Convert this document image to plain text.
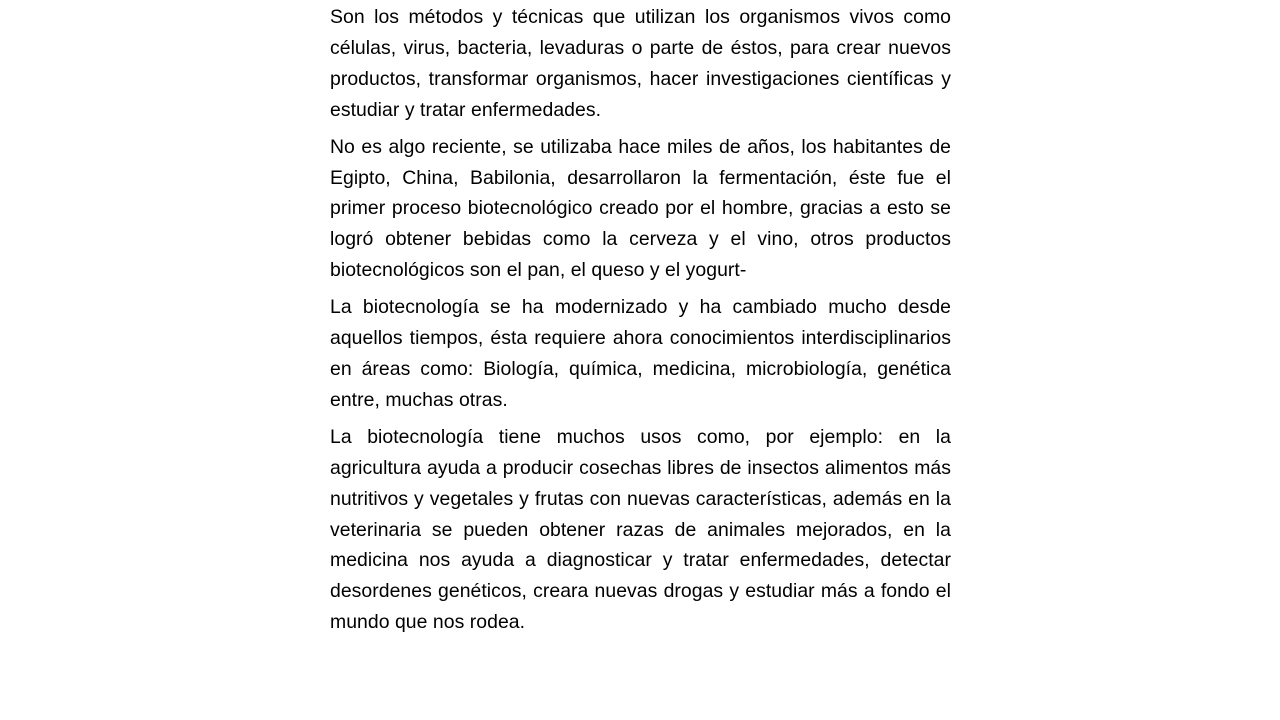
Son los métodos y técnicas que utilizan los organismos vivos como células, virus, bacteria, levaduras o parte de éstos, para crear nuevos productos, transformar organismos, hacer investigaciones científicas y estudiar y tratar enfermedades.

No es algo reciente, se utilizaba hace miles de años, los habitantes de Egipto, China, Babilonia, desarrollaron la fermentación, éste fue el primer proceso biotecnológico creado por el hombre, gracias a esto se logró obtener bebidas como la cerveza y el vino, otros productos biotecnológicos son el pan, el queso y el yogurt-

La biotecnología se ha modernizado y ha cambiado mucho desde aquellos tiempos, ésta requiere ahora conocimientos interdisciplinarios en áreas como: Biología, química, medicina, microbiología, genética entre, muchas otras.

La biotecnología tiene muchos usos como, por ejemplo: en la agricultura ayuda a producir cosechas libres de insectos alimentos más nutritivos y vegetales y frutas con nuevas características, además en la veterinaria se pueden obtener razas de animales mejorados, en la medicina nos ayuda a diagnosticar y tratar enfermedades, detectar desordenes genéticos, creara nuevas drogas y estudiar más a fondo el mundo que nos rodea.
